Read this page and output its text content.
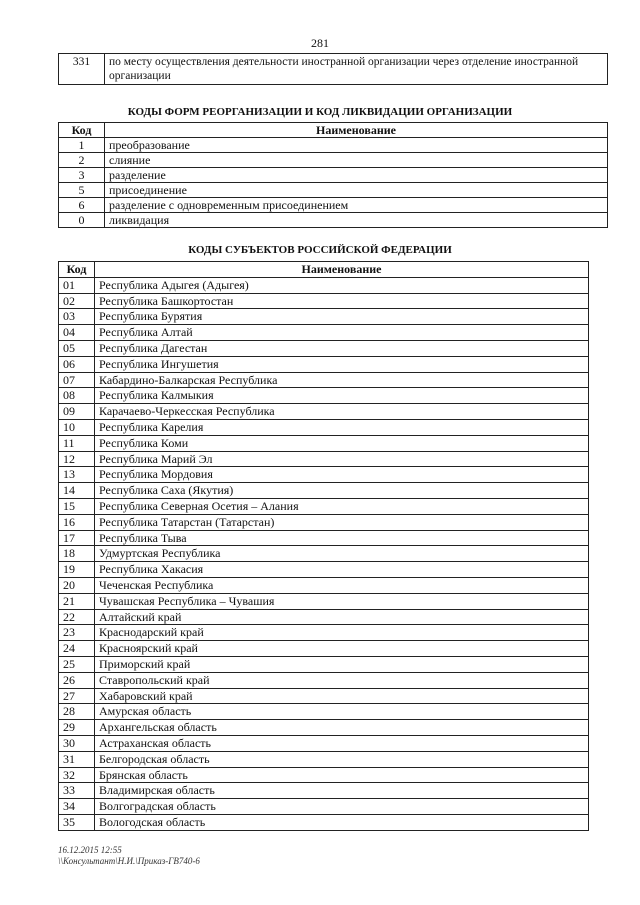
281
331	по месту осуществления деятельности иностранной организации через отделение иностранной организации
КОДЫ ФОРМ РЕОРГАНИЗАЦИИ И КОД ЛИКВИДАЦИИ ОРГАНИЗАЦИИ
Код	Наименование
1	преобразование
2	слияние
3	разделение
5	присоединение
6	разделение с одновременным присоединением
0	ликвидация
КОДЫ СУБЪЕКТОВ РОССИЙСКОЙ ФЕДЕРАЦИИ
Код	Наименование
01	Республика Адыгея (Адыгея)
02	Республика Башкортостан
03	Республика Бурятия
04	Республика Алтай
05	Республика Дагестан
06	Республика Ингушетия
07	Кабардино-Балкарская Республика
08	Республика Калмыкия
09	Карачаево-Черкесская Республика
10	Республика Карелия
11	Республика Коми
12	Республика Марий Эл
13	Республика Мордовия
14	Республика Саха (Якутия)
15	Республика Северная Осетия – Алания
16	Республика Татарстан (Татарстан)
17	Республика Тыва
18	Удмуртская Республика
19	Республика Хакасия
20	Чеченская Республика
21	Чувашская Республика – Чувашия
22	Алтайский край
23	Краснодарский край
24	Красноярский край
25	Приморский край
26	Ставропольский край
27	Хабаровский край
28	Амурская область
29	Архангельская область
30	Астраханская область
31	Белгородская область
32	Брянская область
33	Владимирская область
34	Волгоградская область
35	Вологодская область
16.12.2015 12:55
\\Консультант\Н.И.\Приказ-ГВ740-6
